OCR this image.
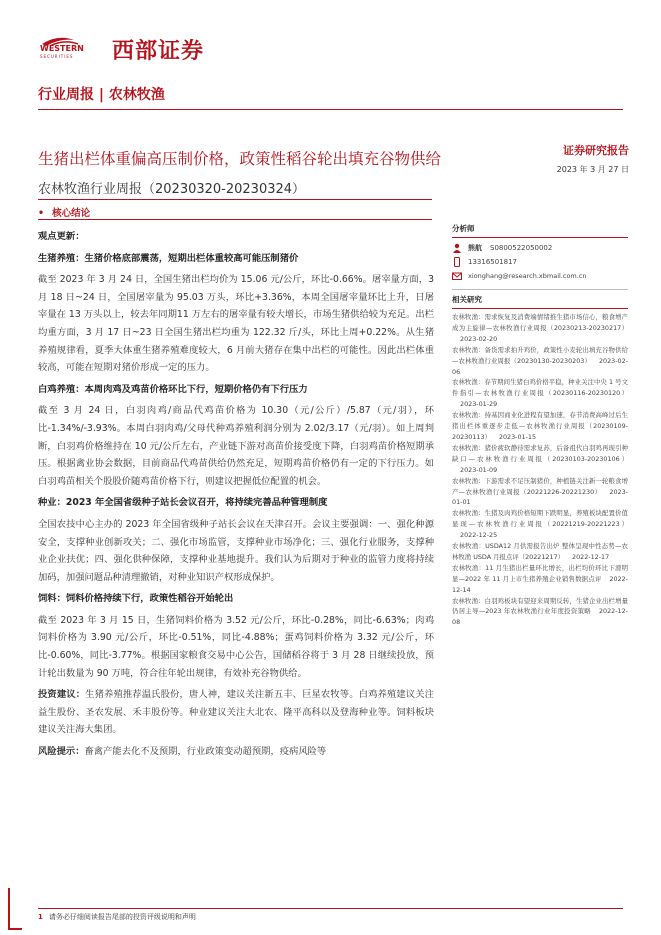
WESTERN
SECURITIES 西部证券
行业周报 | 农林牧渔
生猪出栏体重偏高压制价格，政策性稻谷轮出填充谷物供给	证券研究报告
2023 年 3 月 27 日
农林牧渔行业周报（20230320-20230324）
• 核心结论

观点更新：

生猪养殖：生猪价格底部震荡，短期出栏体重较高可能压制猪价

截至 2023 年 3 月 24 日，全国生猪出栏均价为 15.06 元/公斤，环比-0.66%。屠宰量方面，3 月 18 日~24 日，全国屠宰量为 95.03 万头，环比+3.36%，本周全国屠宰量环比上升，日屠宰量在 13 万头以上，较去年同期11 万左右的屠宰量有较大增长，市场生猪供给较为充足。出栏均重方面，3 月 17 日~23 日全国生猪出栏均重为 122.32 斤/头，环比上周+0.22%。从生猪养殖规律看，夏季大体重生猪养殖难度较大，6 月前大猪存在集中出栏的可能性。因此出栏体重较高，可能在短期对猪价形成一定的压力。

白鸡养殖：本周肉鸡及鸡苗价格环比下行，短期价格仍有下行压力

截至 3 月 24 日，白羽肉鸡/商品代鸡苗价格为 10.30（元/公斤）/5.87（元/羽），环比-1.34%/-3.93%。本周白羽肉鸡/父母代种鸡养殖利润分别为 2.02/3.17（元/羽）。如上周判断，白羽鸡价格维持在 10 元/公斤左右，产业链下游对高苗价接受度下降，白羽鸡苗价格短期承压。根据禽业协会数据，目前商品代鸡苗供给仍然充足，短期鸡苗价格仍有一定的下行压力。如白羽鸡苗相关个股股价随鸡苗价格下行，则建议把握低位配置的机会。

种业：2023 年全国省级种子站长会议召开，将持续完善品种管理制度

全国农技中心主办的 2023 年全国省级种子站长会议在天津召开。会议主要强调：一、强化种源安全，支撑种业创新攻关；二、强化市场监管，支撑种业市场净化；三、强化行业服务，支撑种业企业扶优；四、强化供种保障，支撑种业基地提升。我们认为后期对于种业的监管力度将持续加码，加强问题品种清理撤销，对种业知识产权形成保护。

饲料：饲料价格持续下行，政策性稻谷开始轮出

截至 2023 年 3 月 15 日，生猪饲料价格为 3.52 元/公斤，环比-0.28%，同比-6.63%；肉鸡饲料价格为 3.90 元/公斤，环比-0.51%，同比-4.88%；蛋鸡饲料价格为 3.32 元/公斤，环比-0.60%，同比-3.77%。根据国家粮食交易中心公告，国储稻谷将于 3 月 28 日继续投放，预计轮出数量为 90 万吨，符合往年轮出规律，有效补充谷物供给。

投资建议：生猪养殖推荐温氏股份，唐人神，建议关注新五丰、巨星农牧等。白鸡养殖建议关注益生股份、圣农发展、禾丰股份等。种业建议关注大北农、隆平高科以及登海种业等。饲料板块建议关注海大集团。

风险提示：畜禽产能去化不及预期，行业政策变动超预期，疫病风险等

分析师
熊航 S0800522050002
13316501817
xionghang@research.xbmail.com.cn
相关研究
农林牧渔：需求恢复及消费端情绪推生猪市场信心，粮食增产成为主旋律—农林牧渔行业周报（20230213-20230217）2023-02-20
农林牧渔：备货需求拍升鸡价，政策性小麦轮出填充谷物供给—农林牧渔行业周报（20230130-20230203） 2023-02-06
农林牧渔：春节期间生猪白鸡价格平稳，种业关注中央 1 号文件指引—农林牧渔行业周报（20230116-20230120）2023-01-29
农林牧渔：持基因商业化进程有望加速，春节消费高峰过后生猪出栏体重逐步走低—农林牧渔行业周报（20230109-20230113） 2023-01-15
农林牧渔：猪价疲软静待需求复苏，后备祖代白羽鸡再现引种缺口—农林牧渔行业周报（20230103-20230106）2023-01-09
农林牧渔：下游需求不足压制猪价，种植链关注新一轮粮食增产—农林牧渔行业周报（20221226-20221230） 2023-01-01
农林牧渔：生猪及肉鸡价格短期下跌明显，养殖板块配置价值显现—农林牧渔行业周报（20221219-20221223）2022-12-25
农林牧渔：USDA12 月供需报告出炉 整体呈现中性态势—农林牧渔 USDA 月报点评（20221217） 2022-12-17
农林牧渔：11 月生猪出栏量环比增长，出栏均价环比下滑明显—2022 年 11 月上市生猪养殖企业销售数据点评 2022-12-14
农林牧渔：白羽鸡板块有望迎来周期反转，生猪企业出栏增量仍居主导—2023 年农林牧渔行业年度投资策略 2022-12-08
1 请务必仔细阅读报告尾部的投资评级说明和声明
